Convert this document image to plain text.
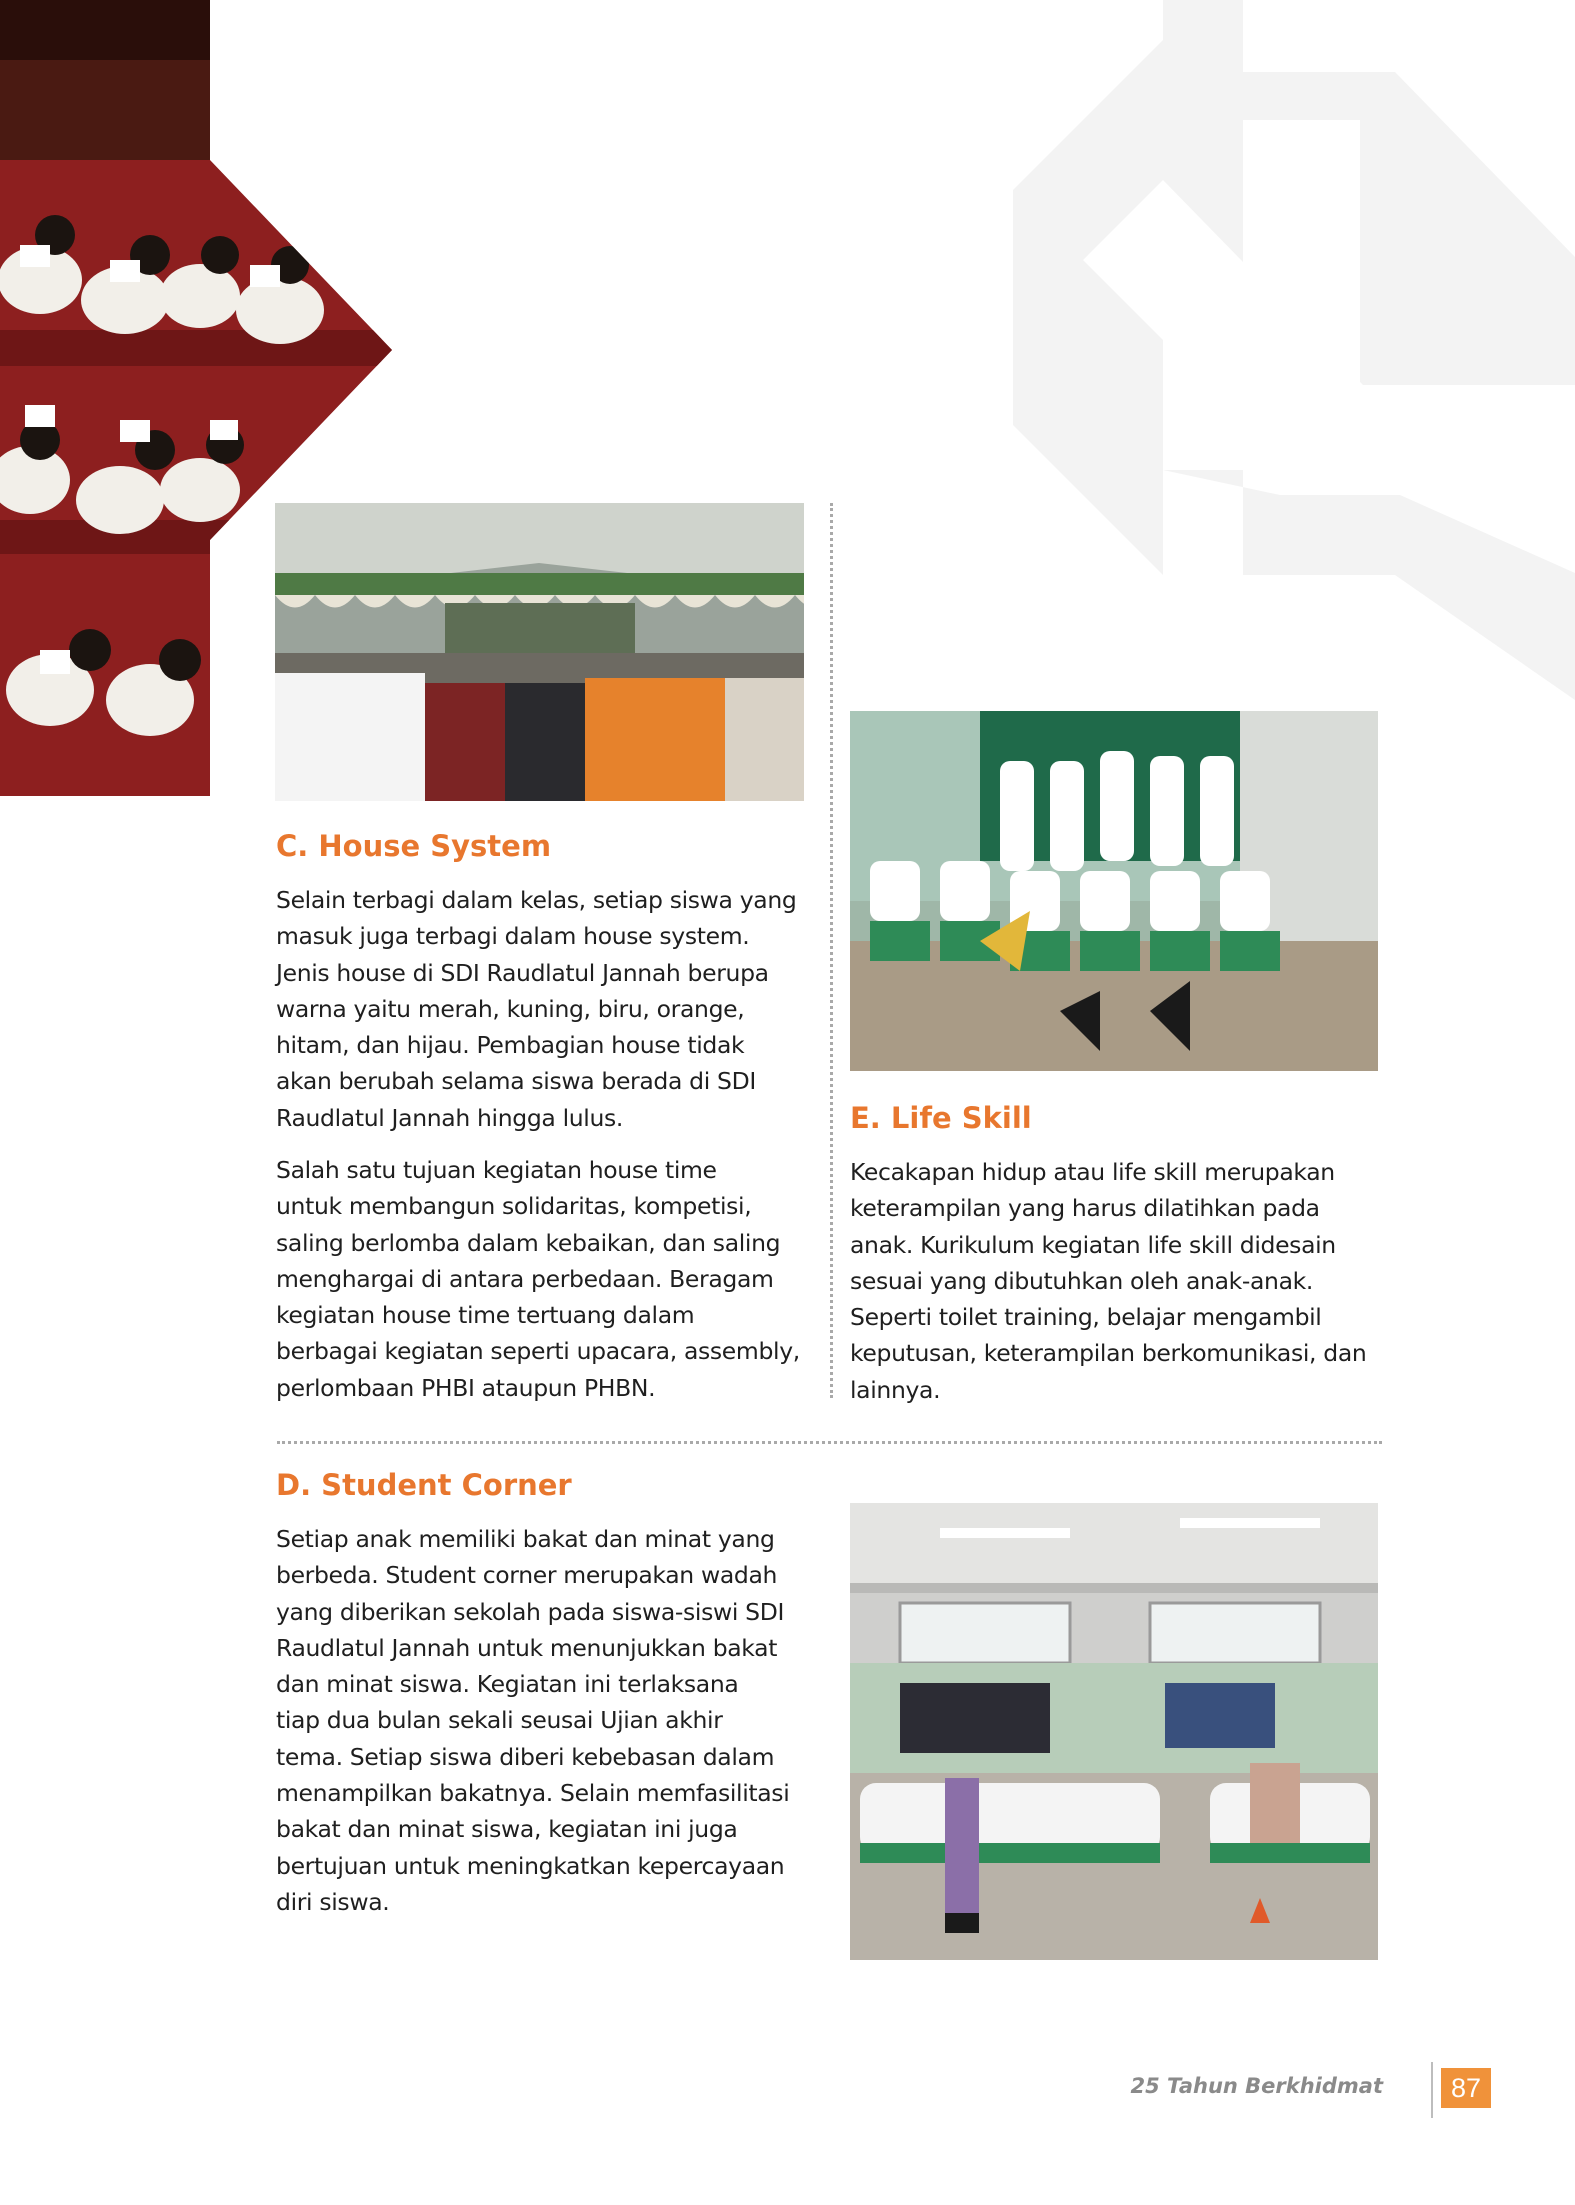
C. House System
Selain terbagi dalam kelas, setiap siswa yang
masuk juga terbagi dalam house system.
Jenis house di SDI Raudlatul Jannah berupa
warna yaitu merah, kuning, biru, orange,
hitam, dan hijau. Pembagian house tidak
akan berubah selama siswa berada di SDI
Raudlatul Jannah hingga lulus.
Salah satu tujuan kegiatan house time
untuk membangun solidaritas, kompetisi,
saling berlomba dalam kebaikan, dan saling
menghargai di antara perbedaan. Beragam
kegiatan house time tertuang dalam
berbagai kegiatan seperti upacara, assembly,
perlombaan PHBI ataupun PHBN.
E. Life Skill
Kecakapan hidup atau life skill merupakan
keterampilan yang harus dilatihkan pada
anak. Kurikulum kegiatan life skill didesain
sesuai yang dibutuhkan oleh anak-anak.
Seperti toilet training, belajar mengambil
keputusan, keterampilan berkomunikasi, dan
lainnya.
D. Student Corner
Setiap anak memiliki bakat dan minat yang
berbeda. Student corner merupakan wadah
yang diberikan sekolah pada siswa-siswi SDI
Raudlatul Jannah untuk menunjukkan bakat
dan minat siswa. Kegiatan ini terlaksana
tiap dua bulan sekali seusai Ujian akhir
tema. Setiap siswa diberi kebebasan dalam
menampilkan bakatnya. Selain memfasilitasi
bakat dan minat siswa, kegiatan ini juga
bertujuan untuk meningkatkan kepercayaan
diri siswa.
25 Tahun Berkhidmat	87
